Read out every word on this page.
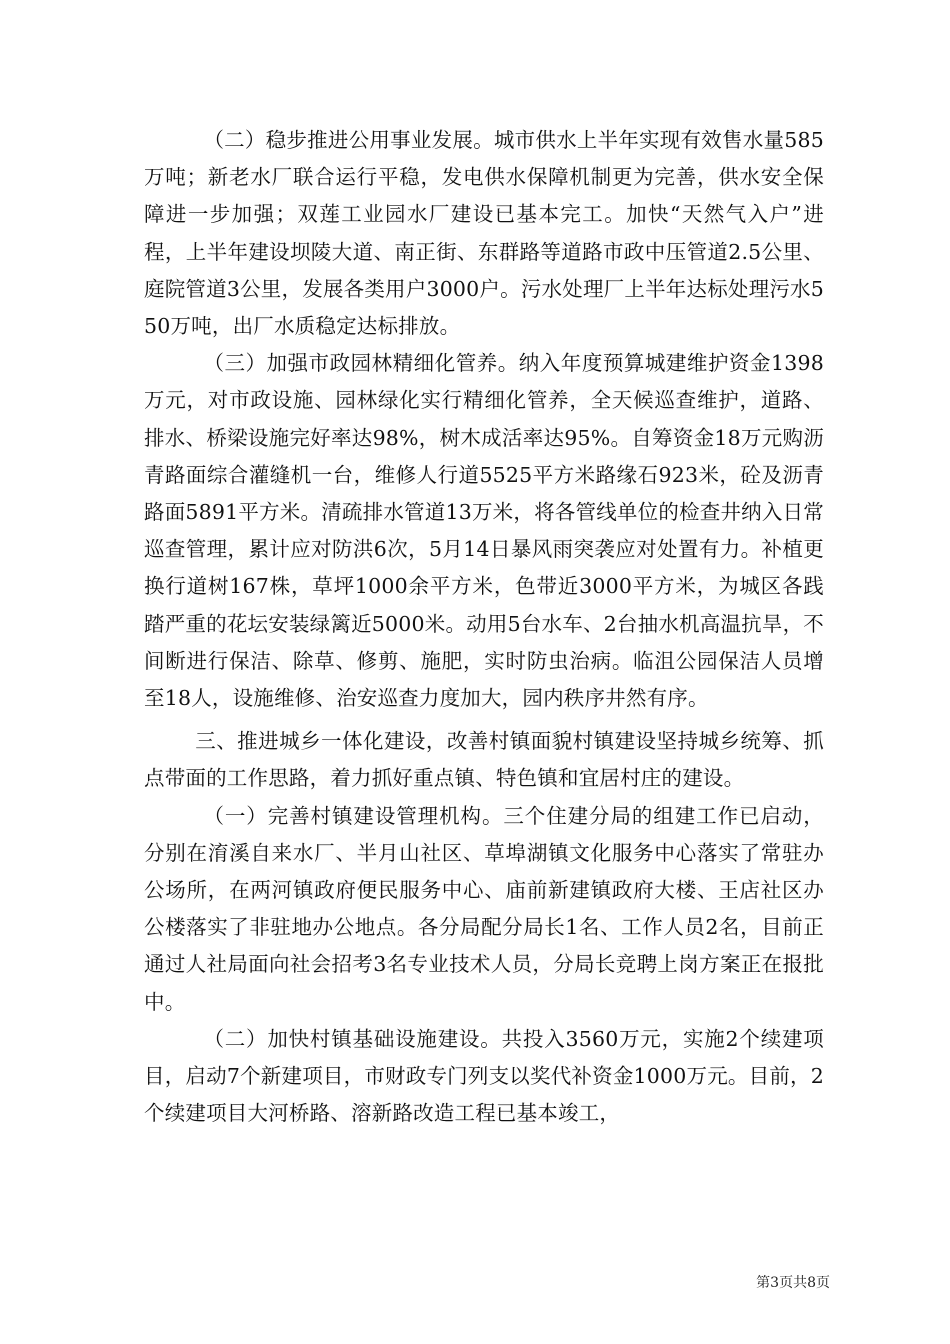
（二）稳步推进公用事业发展。城市供水上半年实现有效售水量585万吨；新老水厂联合运行平稳，发电供水保障机制更为完善，供水安全保障进一步加强；双莲工业园水厂建设已基本完工。加快“天然气入户”进程，上半年建设坝陵大道、南正街、东群路等道路市政中压管道2.5公里、庭院管道3公里，发展各类用户3000户。污水处理厂上半年达标处理污水550万吨，出厂水质稳定达标排放。

（三）加强市政园林精细化管养。纳入年度预算城建维护资金1398万元，对市政设施、园林绿化实行精细化管养，全天候巡查维护，道路、排水、桥梁设施完好率达98%，树木成活率达95%。自筹资金18万元购沥青路面综合灌缝机一台，维修人行道5525平方米路缘石923米，砼及沥青路面5891平方米。清疏排水管道13万米，将各管线单位的检查井纳入日常巡查管理，累计应对防洪6次，5月14日暴风雨突袭应对处置有力。补植更换行道树167株，草坪1000余平方米，色带近3000平方米，为城区各践踏严重的花坛安装绿篱近5000米。动用5台水车、2台抽水机高温抗旱，不间断进行保洁、除草、修剪、施肥，实时防虫治病。临沮公园保洁人员增至18人，设施维修、治安巡查力度加大，园内秩序井然有序。

三、推进城乡一体化建设，改善村镇面貌村镇建设坚持城乡统筹、抓点带面的工作思路，着力抓好重点镇、特色镇和宜居村庄的建设。

（一）完善村镇建设管理机构。三个住建分局的组建工作已启动，分别在淯溪自来水厂、半月山社区、草埠湖镇文化服务中心落实了常驻办公场所，在两河镇政府便民服务中心、庙前新建镇政府大楼、王店社区办公楼落实了非驻地办公地点。各分局配分局长1名、工作人员2名，目前正通过人社局面向社会招考3名专业技术人员，分局长竞聘上岗方案正在报批中。

（二）加快村镇基础设施建设。共投入3560万元，实施2个续建项目，启动7个新建项目，市财政专门列支以奖代补资金1000万元。目前，2个续建项目大河桥路、溶新路改造工程已基本竣工，

第3页共8页
